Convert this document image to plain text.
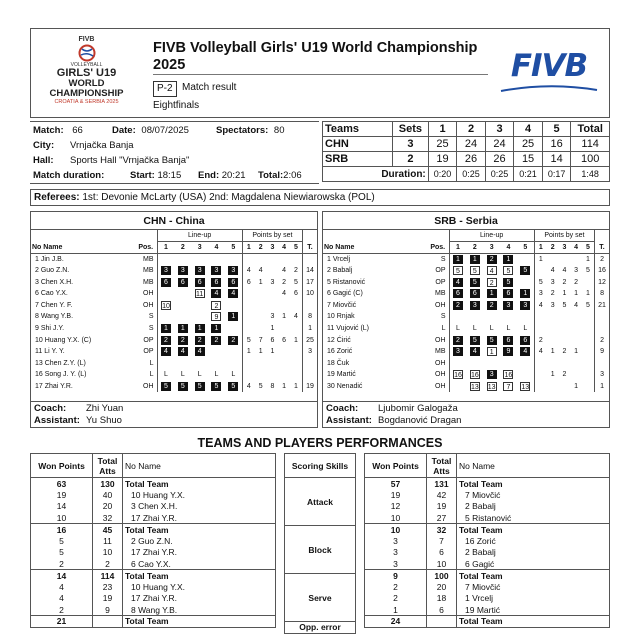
FIVB
VOLLEYBALL
GIRLS' U19
WORLD CHAMPIONSHIP
CROATIA & SERBIA 2025
FIVB Volleyball Girls' U19 World Championship
2025
P-2 Match result
Eightfinals
FIVB
Match: 66	Date: 08/07/2025	Spectators: 80
City: Vrnjačka Banja
Hall: Sports Hall "Vrnjačka Banja"
Match duration:	Start: 18:15 End: 20:21 Total:2:06
Teams	Sets	1	2	3	4	5	Total
CHN	3	25	24	24	25	16	114
SRB	2	19	26	26	15	14	100
Duration:		0:20	0:25	0:25	0:21	0:17	1:48
Referees: 1st: Devonie McLarty (USA) 2nd: Magdalena Niewiarowska (POL)
CHN - China
		Line-up					Points by set					
No Name	Pos.	1	2	3	4	5	1	2	3	4	5	T.
1 Jin J.B.	MB											
2 Guo Z.N.	MB	3	3	3	3	3	4	4		4	2	14
3 Chen X.H.	MB	6	6	6	6	6	6	1	3	2	5	17
6 Cao Y.X.	OH			11	4	4				4	6	10
7 Chen Y. F.	OH	10			2							
8 Wang Y.B.	S				9	1			3	1	4	8
9 Shi J.Y.	S	1	1	1	1				1			1
10 Huang Y.X. (C)	OP	2	2	2	2	2	5	7	6	6	1	25
11 Li Y. Y.	OP	4	4	4			1	1	1			3
13 Chen Z.Y. (L)	L											
16 Song J. Y. (L)	L	L	L	L	L	L						
17 Zhai Y.R.	OH	5	5	5	5	5	4	5	8	1	1	19
SRB - Serbia
		Line-up					Points by set					
No Name	Pos.	1	2	3	4	5	1	2	3	4	5	T.
1 Vrcelj	S	1	1	2	1		1				1	2
2 Babalj	OP	5	5	4	5	5		4	4	3	5	16
5 Ristanović	OP	4	5	2	5		5	3	2	2		12
6 Gagić (C)	MB	6	6	1	6	1	3	2	1	1	1	8
7 Miovčić	OH	2	3	2	3	3	4	3	5	4	5	21
10 Rnjak	S											
11 Vujović (L)	L	L	L	L	L	L						
12 Ćirić	OH	2	5	5	6	6	2					2
16 Zorić	MB	3	4	1	9	4	4	1	2	1		9
18 Čuk	OH											
19 Martić	OH	16	16	3	16			1	2			3
30 Nenadić	OH		13	13	7	13				1		1
Coach: Zhi Yuan
Assistant: Yu Shuo
Coach: Ljubomir Galogaža
Assistant: Bogdanović Dragan
TEAMS AND PLAYERS PERFORMANCES
Won Points	Total Atts	No Name
63	130	Total Team
19	40	10 Huang Y.X.
14	20	3 Chen X.H.
10	32	17 Zhai Y.R.
16	45	Total Team
5	11	2 Guo Z.N.
5	10	17 Zhai Y.R.
2	2	6 Cao Y.X.
14	114	Total Team
4	23	10 Huang Y.X.
4	19	17 Zhai Y.R.
2	9	8 Wang Y.B.
21		Total Team
Won Points	Total Atts	No Name
57	131	Total Team
19	42	7 Miovčić
12	19	2 Babalj
10	27	5 Ristanović
10	32	Total Team
3	7	16 Zorić
3	6	2 Babalj
3	10	6 Gagić
9	100	Total Team
2	20	7 Miovčić
2	18	1 Vrcelj
1	6	19 Martić
24		Total Team
Scoring Skills
Attack
Block
Serve
Opp. error
